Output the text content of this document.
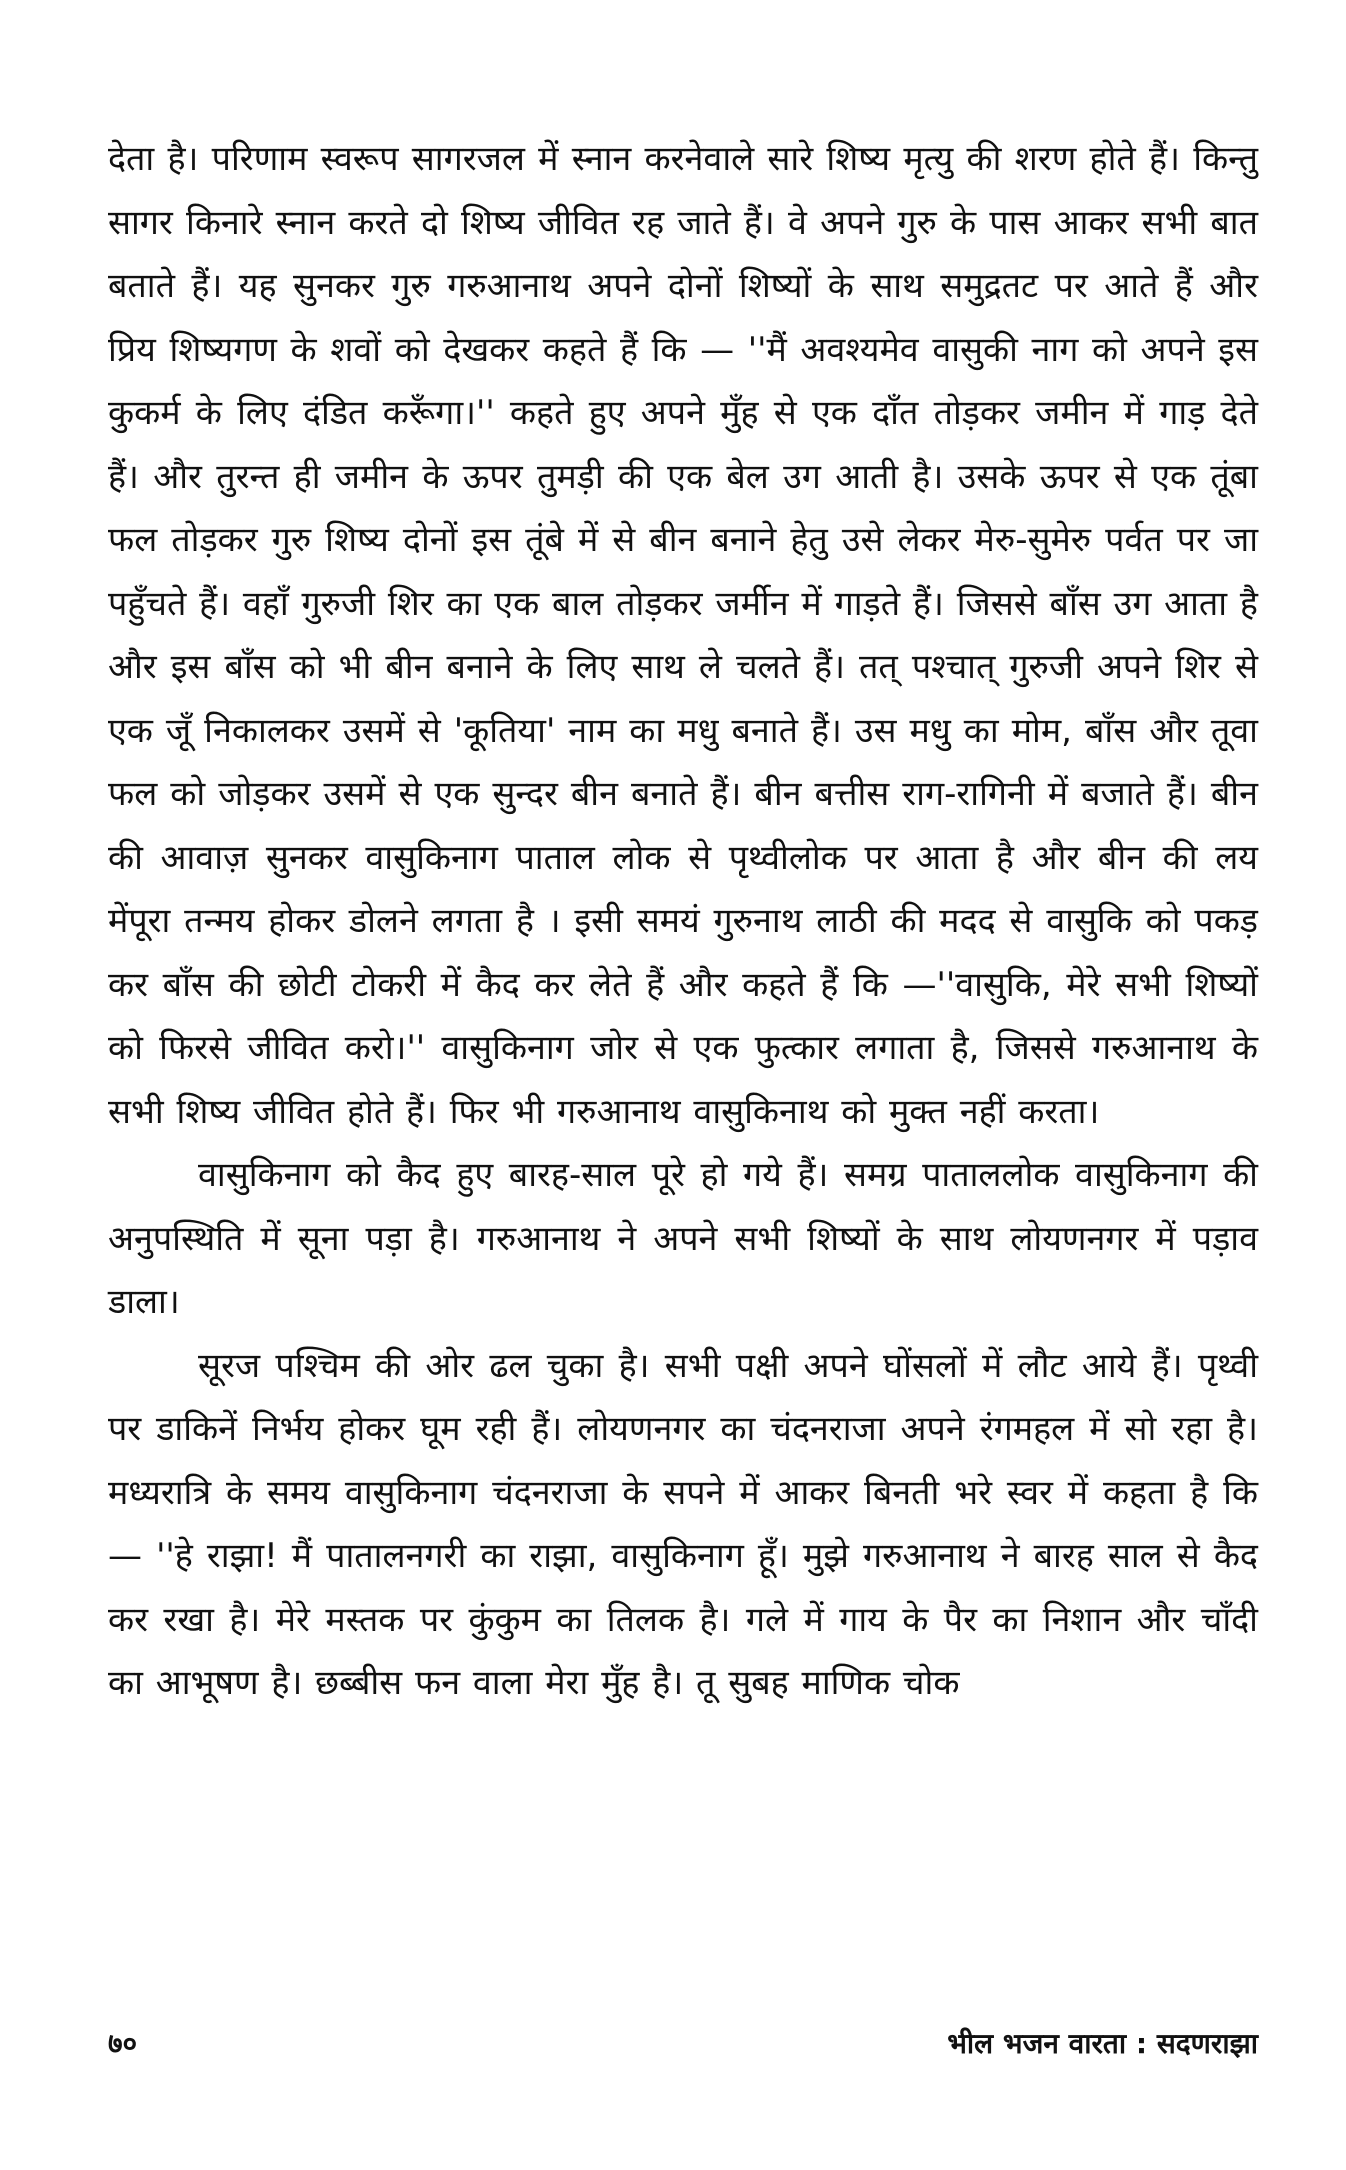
देता है। परिणाम स्वरूप सागरजल में स्नान करनेवाले सारे शिष्य मृत्यु की शरण होते हैं। किन्तु सागर किनारे स्नान करते दो शिष्य जीवित रह जाते हैं। वे अपने गुरु के पास आकर सभी बात बताते हैं। यह सुनकर गुरु गरुआनाथ अपने दोनों शिष्यों के साथ समुद्रतट पर आते हैं और प्रिय शिष्यगण के शवों को देखकर कहते हैं कि — ''मैं अवश्यमेव वासुकी नाग को अपने इस कुकर्म के लिए दंडित करूँगा।'' कहते हुए अपने मुँह से एक दाँत तोड़कर जमीन में गाड़ देते हैं। और तुरन्त ही जमीन के ऊपर तुमड़ी की एक बेल उग आती है। उसके ऊपर से एक तूंबा फल तोड़कर गुरु शिष्य दोनों इस तूंबे में से बीन बनाने हेतु उसे लेकर मेरु-सुमेरु पर्वत पर जा पहुँचते हैं। वहाँ गुरुजी शिर का एक बाल तोड़कर जर्मीन में गाड़ते हैं। जिससे बाँस उग आता है और इस बाँस को भी बीन बनाने के लिए साथ ले चलते हैं। तत् पश्चात् गुरुजी अपने शिर से एक जूँ निकालकर उसमें से 'कूतिया' नाम का मधु बनाते हैं। उस मधु का मोम, बाँस और तूवा फल को जोड़कर उसमें से एक सुन्दर बीन बनाते हैं। बीन बत्तीस राग-रागिनी में बजाते हैं। बीन की आवाज़ सुनकर वासुकिनाग पाताल लोक से पृथ्वीलोक पर आता है और बीन की लय मेंपूरा तन्मय होकर डोलने लगता है । इसी समयं गुरुनाथ लाठी की मदद से वासुकि को पकड़ कर बाँस की छोटी टोकरी में कैद कर लेते हैं और कहते हैं कि —''वासुकि, मेरे सभी शिष्यों को फिरसे जीवित करो।'' वासुकिनाग जोर से एक फुत्कार लगाता है, जिससे गरुआनाथ के सभी शिष्य जीवित होते हैं। फिर भी गरुआनाथ वासुकिनाथ को मुक्त नहीं करता।

वासुकिनाग को कैद हुए बारह-साल पूरे हो गये हैं। समग्र पाताललोक वासुकिनाग की अनुपस्थिति में सूना पड़ा है। गरुआनाथ ने अपने सभी शिष्यों के साथ लोयणनगर में पड़ाव डाला।

सूरज पश्चिम की ओर ढल चुका है। सभी पक्षी अपने घोंसलों में लौट आये हैं। पृथ्वी पर डाकिनें निर्भय होकर घूम रही हैं। लोयणनगर का चंदनराजा अपने रंगमहल में सो रहा है। मध्यरात्रि के समय वासुकिनाग चंदनराजा के सपने में आकर बिनती भरे स्वर में कहता है कि — ''हे राझा! मैं पातालनगरी का राझा, वासुकिनाग हूँ। मुझे गरुआनाथ ने बारह साल से कैद कर रखा है। मेरे मस्तक पर कुंकुम का तिलक है। गले में गाय के पैर का निशान और चाँदी का आभूषण है। छब्बीस फन वाला मेरा मुँह है। तू सुबह माणिक चोक

७०	भील भजन वारता : सदणराझा
